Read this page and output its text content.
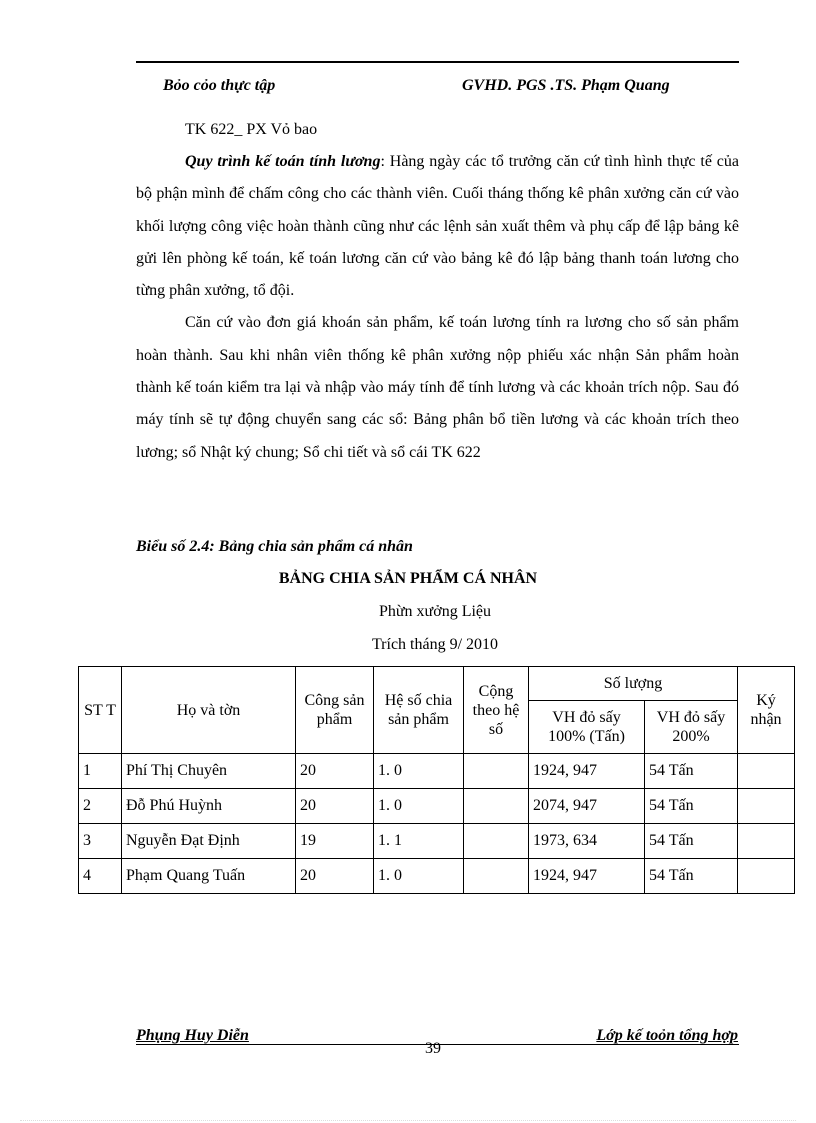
Bỏo cỏo thực tập	GVHD. PGS .TS. Phạm Quang
TK 622_ PX Vỏ bao

Quy trình kế toán tính lương: Hàng ngày các tổ trưởng căn cứ tình hình thực tế của bộ phận mình để chấm công cho các thành viên. Cuối tháng thống kê phân xưởng căn cứ vào khối lượng công việc hoàn thành cũng như các lệnh sản xuất thêm và phụ cấp để lập bảng kê gửi lên phòng kế toán, kế toán lương căn cứ vào bảng kê đó lập bảng thanh toán lương cho từng phân xưởng, tổ đội.

Căn cứ vào đơn giá khoán sản phẩm, kế toán lương tính ra lương cho số sản phẩm hoàn thành. Sau khi nhân viên thống kê phân xưởng nộp phiếu xác nhận Sản phẩm hoàn thành kế toán kiểm tra lại và nhập vào máy tính để tính lương và các khoản trích nộp. Sau đó máy tính sẽ tự động chuyển sang các sổ: Bảng phân bổ tiền lương và các khoản trích theo lương; sổ Nhật ký chung; Sổ chi tiết và sổ cái TK 622

Biểu số 2.4: Bảng chia sản phẩm cá nhân
BẢNG CHIA SẢN PHẨM CÁ NHÂN
Phừn xưởng Liệu
Trích tháng 9/ 2010
ST T	Họ và tờn	Công sản phẩm	Hệ số chia sản phẩm	Cộng theo hệ số	Số lượng		Ký nhận
					VH đỏ sấy 100% (Tấn)	VH đỏ sấy 200%	
1	Phí Thị Chuyên	20	1. 0		1924, 947	54 Tấn	
2	Đỗ Phú Huỳnh	20	1. 0		2074, 947	54 Tấn	
3	Nguyễn Đạt Định	19	1. 1		1973, 634	54 Tấn	
4	Phạm Quang Tuấn	20	1. 0		1924, 947	54 Tấn	
Phụng Huy Diễn
39
Lớp kế toỏn tổng hợp
